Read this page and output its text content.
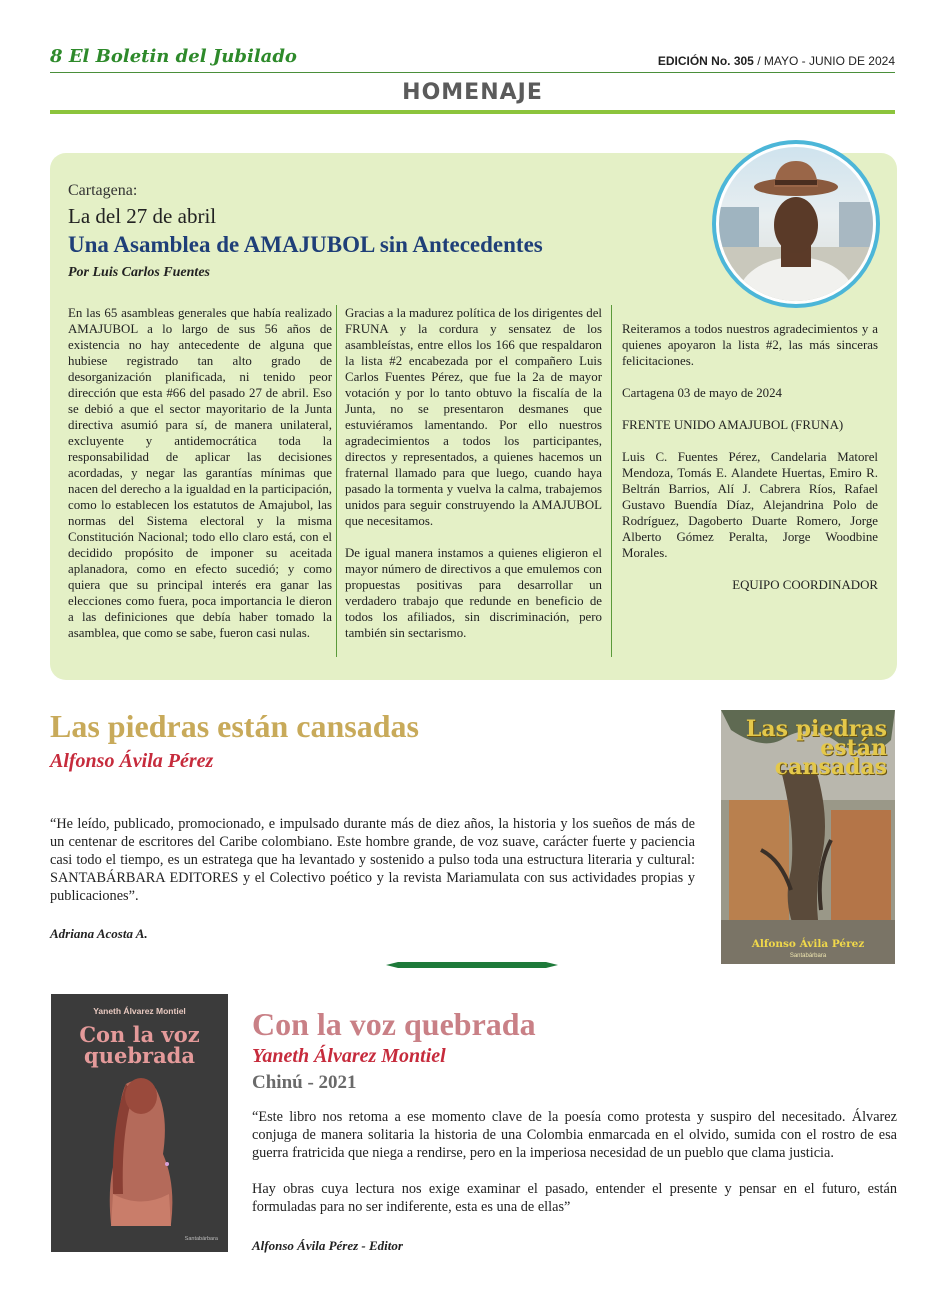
8 El Boletin del Jubilado	EDICIÓN No. 305 / MAYO - JUNIO DE 2024
HOMENAJE
Cartagena:
La del 27 de abril
Una Asamblea de AMAJUBOL sin Antecedentes
Por Luis Carlos Fuentes

En las 65 asambleas generales que había realizado AMAJUBOL a lo largo de sus 56 años de existencia no hay antecedente de alguna que hubiese registrado tan alto grado de desorganización planificada, ni tenido peor dirección que esta #66 del pasado 27 de abril. Eso se debió a que el sector mayoritario de la Junta directiva asumió para sí, de manera unilateral, excluyente y antidemocrática toda la responsabilidad de aplicar las decisiones acordadas, y negar las garantías mínimas que nacen del derecho a la igualdad en la participación, como lo establecen los estatutos de Amajubol, las normas del Sistema electoral y la misma Constitución Nacional; todo ello claro está, con el decidido propósito de imponer su aceitada aplanadora, como en efecto sucedió; y como quiera que su principal interés era ganar las elecciones como fuera, poca importancia le dieron a las definiciones que debía haber tomado la asamblea, que como se sabe, fueron casi nulas.

Gracias a la madurez política de los dirigentes del FRUNA y la cordura y sensatez de los asambleístas, entre ellos los 166 que respaldaron la lista #2 encabezada por el compañero Luis Carlos Fuentes Pérez, que fue la 2a de mayor votación y por lo tanto obtuvo la fiscalía de la Junta, no se presentaron desmanes que estuviéramos lamentando. Por ello nuestros agradecimientos a todos los participantes, directos y representados, a quienes hacemos un fraternal llamado para que luego, cuando haya pasado la tormenta y vuelva la calma, trabajemos unidos para seguir construyendo la AMAJUBOL que necesitamos.

De igual manera instamos a quienes eligieron el mayor número de directivos a que emulemos con propuestas positivas para desarrollar un verdadero trabajo que redunde en beneficio de todos los afiliados, sin discriminación, pero también sin sectarismo.

Reiteramos a todos nuestros agradecimientos y a quienes apoyaron la lista #2, las más sinceras felicitaciones.

Cartagena 03 de mayo de 2024

FRENTE UNIDO AMAJUBOL (FRUNA)

Luis C. Fuentes Pérez, Candelaria Matorel Mendoza, Tomás E. Alandete Huertas, Emiro R. Beltrán Barrios, Alí J. Cabrera Ríos, Rafael Gustavo Buendía Díaz, Alejandrina Polo de Rodríguez, Dagoberto Duarte Romero, Jorge Alberto Gómez Peralta, Jorge Woodbine Morales.

EQUIPO COORDINADOR

Las piedras están cansadas
Alfonso Ávila Pérez
“He leído, publicado, promocionado, e impulsado durante más de diez años, la historia y los sueños de más de un centenar de escritores del Caribe colombiano. Este hombre grande, de voz suave, carácter fuerte y paciencia casi todo el tiempo, es un estratega que ha levantado y sostenido a pulso toda una estructura literaria y cultural: SANTABÁRBARA EDITORES y el Colectivo poético y la revista Mariamulata con sus actividades propias y publicaciones”.
Adriana Acosta A.
Las piedras están cansadas
Alfonso Ávila Pérez
Santabárbara
Yaneth Álvarez Montiel
Con la voz quebrada
Santabárbara
Con la voz quebrada
Yaneth Álvarez Montiel
Chinú - 2021

“Este libro nos retoma a ese momento clave de la poesía como protesta y suspiro del necesitado. Álvarez conjuga de manera solitaria la historia de una Colombia enmarcada en el olvido, sumida con el rostro de esa guerra fratricida que niega a rendirse, pero en la imperiosa necesidad de un pueblo que clama justicia.

Hay obras cuya lectura nos exige examinar el pasado, entender el presente y pensar en el futuro, están formuladas para no ser indiferente, esta es una de ellas”

Alfonso Ávila Pérez - Editor
